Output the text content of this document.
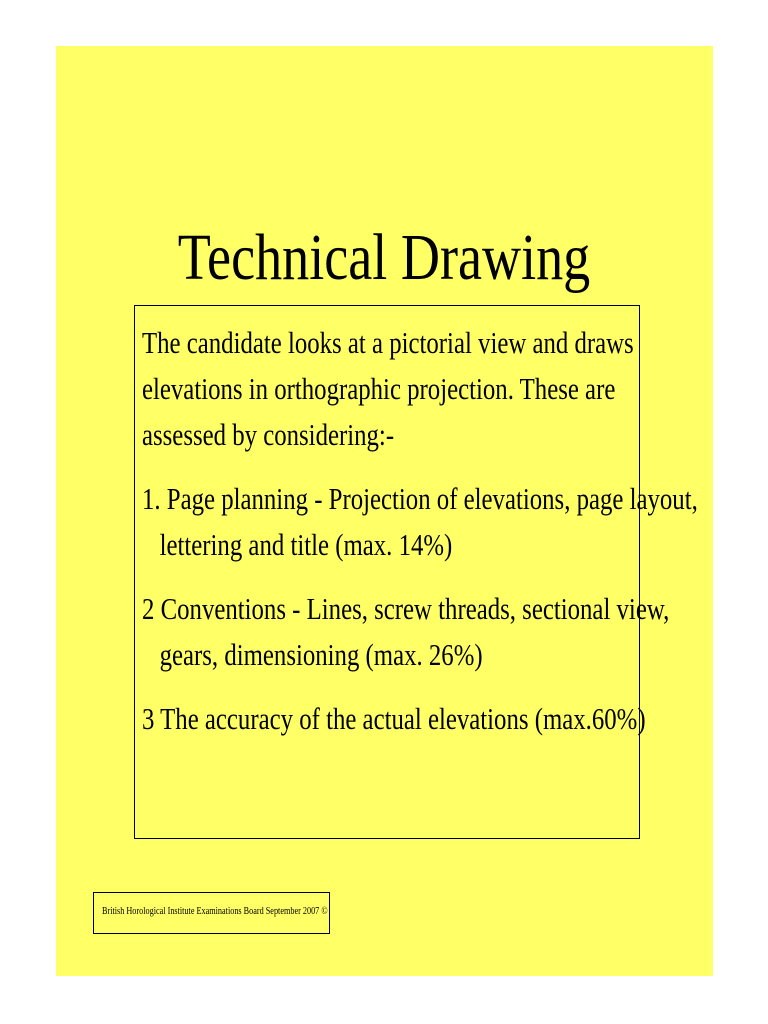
Technical Drawing
The candidate looks at a pictorial view and draws
elevations in orthographic projection. These are
assessed by considering:-
1. Page planning - Projection of elevations, page layout,
lettering and title (max. 14%)
2 Conventions - Lines, screw threads, sectional view,
gears, dimensioning (max. 26%)
3 The accuracy of the actual elevations (max.60%)
British Horological Institute Examinations Board September 2007 ©
